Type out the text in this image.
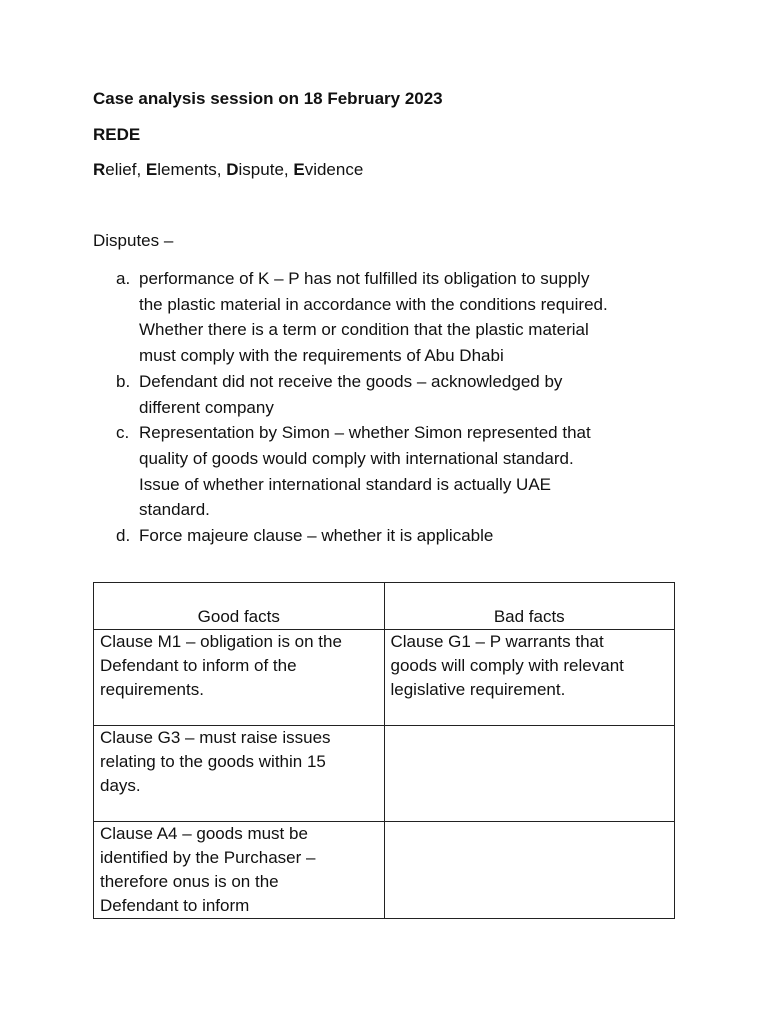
Case analysis session on 18 February 2023
REDE
Relief, Elements, Dispute, Evidence
Disputes –
a. performance of K – P has not fulfilled its obligation to supply
the plastic material in accordance with the conditions required.
Whether there is a term or condition that the plastic material
must comply with the requirements of Abu Dhabi
b. Defendant did not receive the goods – acknowledged by
different company
c. Representation by Simon – whether Simon represented that
quality of goods would comply with international standard.
Issue of whether international standard is actually UAE
standard.
d. Force majeure clause – whether it is applicable
Good facts	Bad facts

Clause M1 – obligation is on the
Defendant to inform of the
requirements.	Clause G1 – P warrants that
goods will comply with relevant
legislative requirement.

Clause G3 – must raise issues
relating to the goods within 15
days.	

Clause A4 – goods must be
identified by the Purchaser –
therefore onus is on the
Defendant to inform	
